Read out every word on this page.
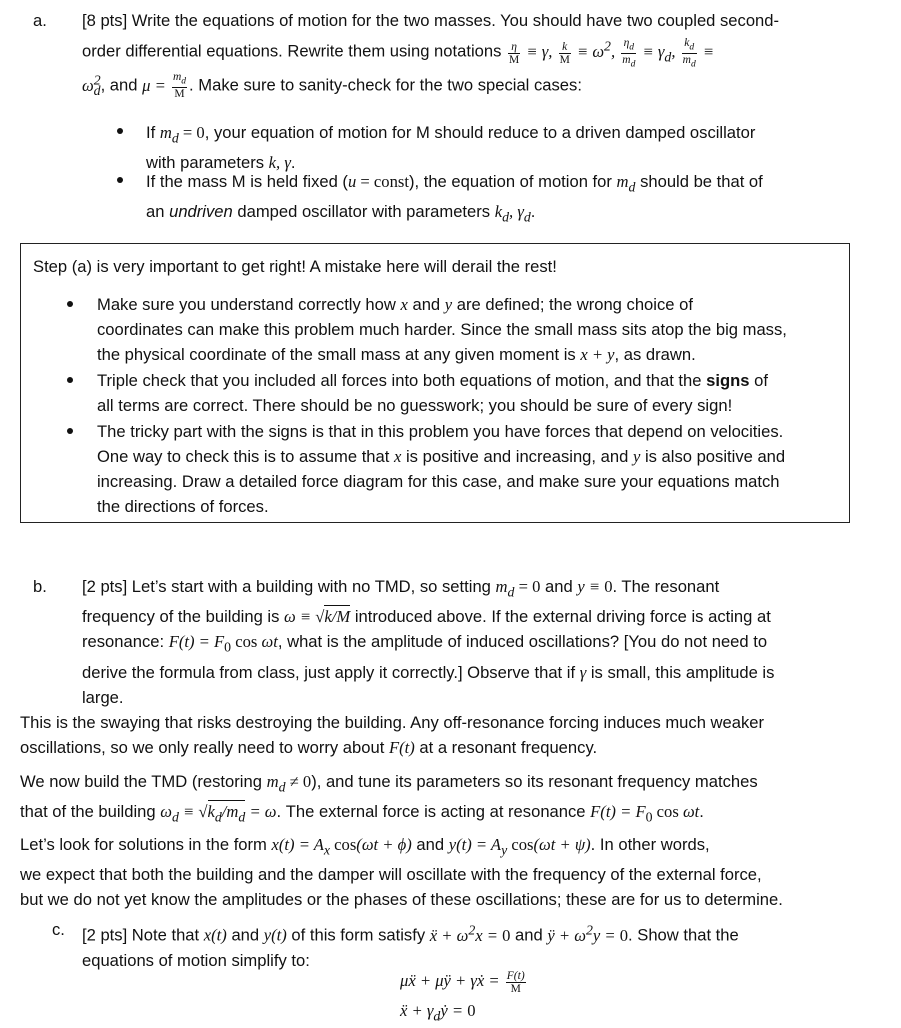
a.	[8 pts] Write the equations of motion for the two masses. You should have two coupled second-
order differential equations. Rewrite them using notations $\frac{\eta}{M} \equiv \gamma$, $\frac{k}{M} \equiv \omega^2$, $\frac{\eta_d}{m_d} \equiv \gamma_d$, $\frac{k_d}{m_d}$ ≡
$\omega^2_d$, and $\mu = \frac{m_d}{M}$ . Make sure to sanity-check for the two special cases:
If $m_d = 0$, your equation of motion for M should reduce to a driven damped oscillator
with parameters k, γ.
If the mass M is held fixed (u = const), the equation of motion for $m_d$ should be that of
an undriven damped oscillator with parameters $k_d$, $\gamma_d$.
Step (a) is very important to get right! A mistake here will derail the rest!
Make sure you understand correctly how x and y are defined; the wrong choice of
coordinates can make this problem much harder. Since the small mass sits atop the big mass,
the physical coordinate of the small mass at any given moment is x + y, as drawn.
Triple check that you included all forces into both equations of motion, and that the signs of
all terms are correct. There should be no guesswork; you should be sure of every sign!
The tricky part with the signs is that in this problem you have forces that depend on velocities.
One way to check this is to assume that x is positive and increasing, and y is also positive and
increasing. Draw a detailed force diagram for this case, and make sure your equations match
the directions of forces.
b.	[2 pts] Let’s start with a building with no TMD, so setting $m_d = 0$ and y ≡ 0. The resonant
frequency of the building is ω ≡ √k/M introduced above. If the external driving force is acting at
resonance: $F(t) = F_0$ cos ωt, what is the amplitude of induced oscillations? [You do not need to
derive the formula from class, just apply it correctly.] Observe that if γ is small, this amplitude is
large.
This is the swaying that risks destroying the building. Any off-resonance forcing induces much weaker
oscillations, so we only really need to worry about F(t) at a resonant frequency.
We now build the TMD (restoring $m_d \ne 0$), and tune its parameters so its resonant frequency matches
that of the building $\omega_d \equiv √k_d/m_d = \omega$. The external force is acting at resonance $F(t) = F_0$ cos ωt.
Let’s look for solutions in the form $x(t) = A_x$ cos(ωt + ϕ) and $y(t) = A_y$ cos(ωt + ψ). In other words,
we expect that both the building and the damper will oscillate with the frequency of the external force,
but we do not yet know the amplitudes or the phases of these oscillations; these are for us to determine.
c.	[2 pts] Note that x(t) and y(t) of this form satisfy ẍ + $\omega^2x = 0$ and ÿ + $\omega^2y = 0$. Show that the
equations of motion simplify to:
μẍ + μÿ + γẋ = $\frac{F(t)}{M}$
ẍ + $\gamma_dẏ = 0$
